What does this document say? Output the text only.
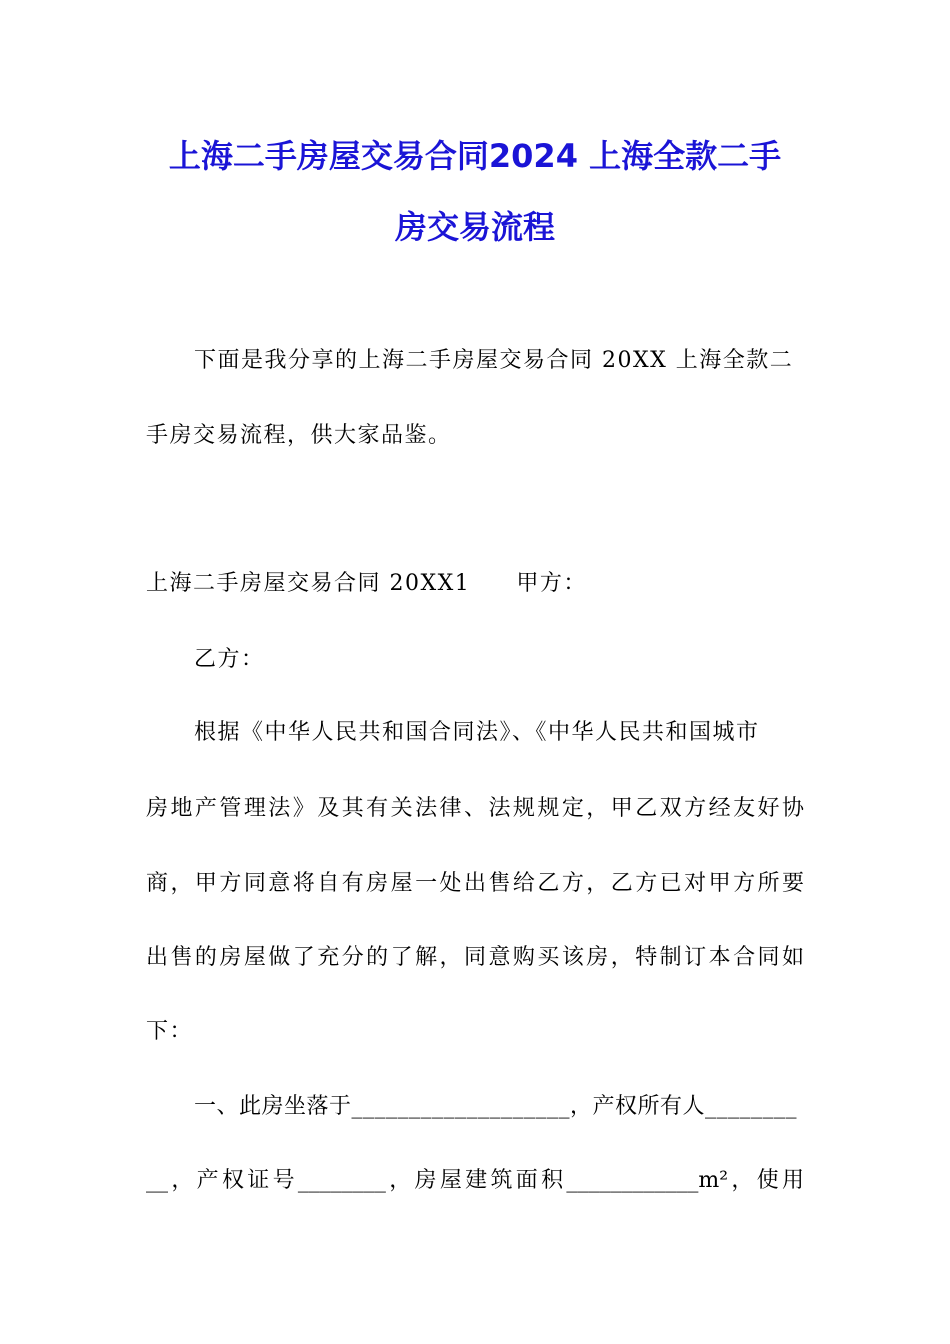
上海二手房屋交易合同2024 上海全款二手
房交易流程
下面是我分享的上海二手房屋交易合同 20XX 上海全款二
手房交易流程，供大家品鉴。
上海二手房屋交易合同 20XX1 甲方：
乙方：
根据《中华人民共和国合同法》、《中华人民共和国城市
房地产管理法》及其有关法律、法规规定，甲乙双方经友好协
商，甲方同意将自有房屋一处出售给乙方，乙方已对甲方所要
出售的房屋做了充分的了解，同意购买该房，特制订本合同如
下：
一、此房坐落于___________________，产权所有人________
__，产权证号________，房屋建筑面积____________m²，使用
